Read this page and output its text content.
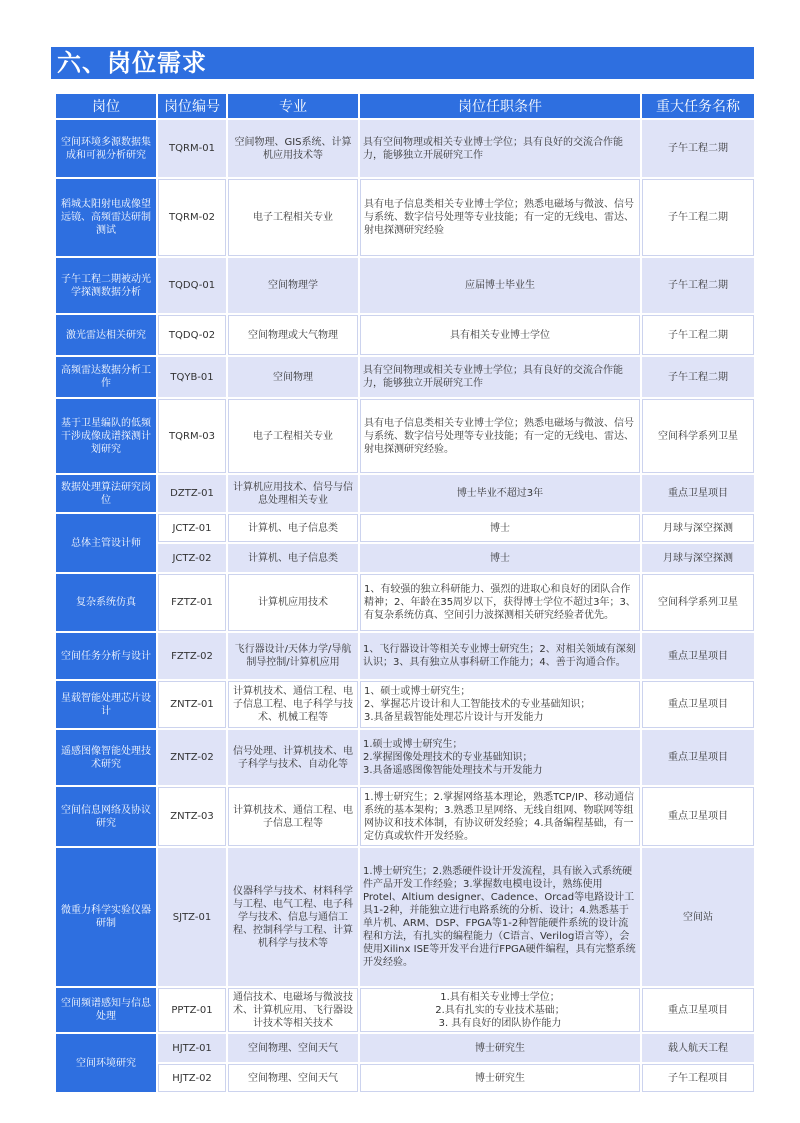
六、岗位需求
岗位	岗位编号	专业	岗位任职条件	重大任务名称
空间环境多源数据集成和可视分析研究	TQRM-01	空间物理、GIS系统、计算机应用技术等	具有空间物理或相关专业博士学位；具有良好的交流合作能力，能够独立开展研究工作	子午工程二期
稻城太阳射电成像望远镜、高频雷达研制测试	TQRM-02	电子工程相关专业	具有电子信息类相关专业博士学位；熟悉电磁场与微波、信号与系统、数字信号处理等专业技能；有一定的无线电、雷达、射电探测研究经验	子午工程二期
子午工程二期被动光学探测数据分析	TQDQ-01	空间物理学	应届博士毕业生	子午工程二期
激光雷达相关研究	TQDQ-02	空间物理或大气物理	具有相关专业博士学位	子午工程二期
高频雷达数据分析工作	TQYB-01	空间物理	具有空间物理或相关专业博士学位；具有良好的交流合作能力，能够独立开展研究工作	子午工程二期
基于卫星编队的低频干涉成像成谱探测计划研究	TQRM-03	电子工程相关专业	具有电子信息类相关专业博士学位；熟悉电磁场与微波、信号与系统、数字信号处理等专业技能；有一定的无线电、雷达、射电探测研究经验。	空间科学系列卫星
数据处理算法研究岗位	DZTZ-01	计算机应用技术、信号与信息处理相关专业	博士毕业不超过3年	重点卫星项目
总体主管设计师	JCTZ-01	计算机、电子信息类	博士	月球与深空探测
	JCTZ-02	计算机、电子信息类	博士	月球与深空探测
复杂系统仿真	FZTZ-01	计算机应用技术	1、有较强的独立科研能力、强烈的进取心和良好的团队合作精神；2、年龄在35周岁以下，获得博士学位不超过3年；3、有复杂系统仿真、空间引力波探测相关研究经验者优先。	空间科学系列卫星
空间任务分析与设计	FZTZ-02	飞行器设计/天体力学/导航制导控制/计算机应用	1、飞行器设计等相关专业博士研究生；2、对相关领域有深刻认识；3、具有独立从事科研工作能力；4、善于沟通合作。	重点卫星项目
星载智能处理芯片设计	ZNTZ-01	计算机技术、通信工程、电子信息工程、电子科学与技术、机械工程等	1、硕士或博士研究生；
2、掌握芯片设计和人工智能技术的专业基础知识；
3.具备星载智能处理芯片设计与开发能力	重点卫星项目
遥感图像智能处理技术研究	ZNTZ-02	信号处理、计算机技术、电子科学与技术、自动化等	1.硕士或博士研究生；
2.掌握图像处理技术的专业基础知识；
3.具备遥感图像智能处理技术与开发能力	重点卫星项目
空间信息网络及协议研究	ZNTZ-03	计算机技术、通信工程、电子信息工程等	1.博士研究生；2.掌握网络基本理论，熟悉TCP/IP、移动通信系统的基本架构；3.熟悉卫星网络、无线自组网、物联网等组网协议和技术体制，有协议研发经验；4.具备编程基础，有一定仿真或软件开发经验。	重点卫星项目
微重力科学实验仪器研制	SJTZ-01	仪器科学与技术、材料科学与工程、电气工程、电子科学与技术、信息与通信工程、控制科学与工程、计算机科学与技术等	1.博士研究生；2.熟悉硬件设计开发流程，具有嵌入式系统硬件产品开发工作经验；3.掌握数电模电设计，熟练使用Protel、Altium designer、Cadence、Orcad等电路设计工具1-2种，并能独立进行电路系统的分析、设计；4.熟悉基于单片机、ARM、DSP、FPGA等1-2种智能硬件系统的设计流程和方法，有扎实的编程能力（C语言、Verilog语言等），会使用Xilinx ISE等开发平台进行FPGA硬件编程，具有完整系统开发经验。	空间站
空间频谱感知与信息处理	PPTZ-01	通信技术、电磁场与微波技术、计算机应用、飞行器设计技术等相关技术	1.具有相关专业博士学位；
2.具有扎实的专业技术基础；
3. 具有良好的团队协作能力	重点卫星项目
空间环境研究	HJTZ-01	空间物理、空间天气	博士研究生	载人航天工程
	HJTZ-02	空间物理、空间天气	博士研究生	子午工程项目
